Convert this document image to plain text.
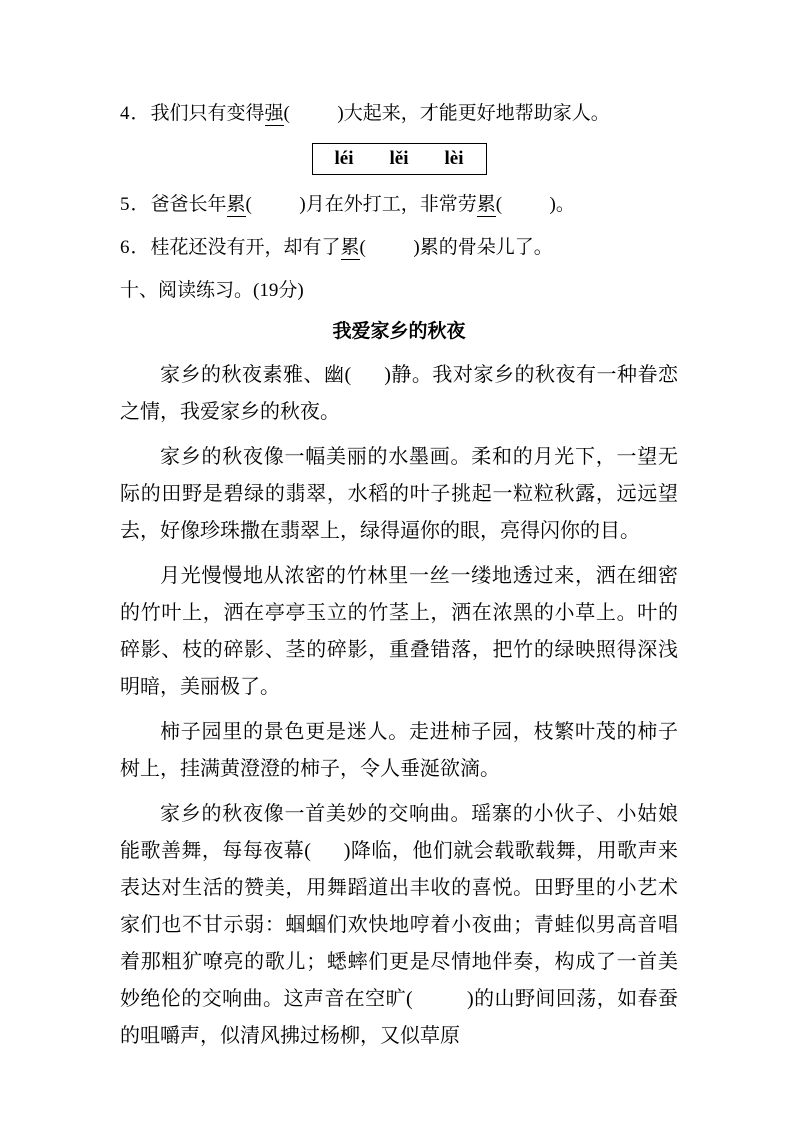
4．我们只有变得强(          )大起来，才能更好地帮助家人。
léi lěi lèi
5．爸爸长年累(          )月在外打工，非常劳累(          )。
6．桂花还没有开，却有了累(          )累的骨朵儿了。
十、阅读练习。(19分)
我爱家乡的秋夜

家乡的秋夜素雅、幽(      )静。我对家乡的秋夜有一种眷恋之情，我爱家乡的秋夜。

家乡的秋夜像一幅美丽的水墨画。柔和的月光下，一望无际的田野是碧绿的翡翠，水稻的叶子挑起一粒粒秋露，远远望去，好像珍珠撒在翡翠上，绿得逼你的眼，亮得闪你的目。

月光慢慢地从浓密的竹林里一丝一缕地透过来，洒在细密的竹叶上，洒在亭亭玉立的竹茎上，洒在浓黑的小草上。叶的碎影、枝的碎影、茎的碎影，重叠错落，把竹的绿映照得深浅明暗，美丽极了。

柿子园里的景色更是迷人。走进柿子园，枝繁叶茂的柿子树上，挂满黄澄澄的柿子，令人垂涎欲滴。

家乡的秋夜像一首美妙的交响曲。瑶寨的小伙子、小姑娘能歌善舞，每每夜幕(      )降临，他们就会载歌载舞，用歌声来表达对生活的赞美，用舞蹈道出丰收的喜悦。田野里的小艺术家们也不甘示弱：蝈蝈们欢快地哼着小夜曲；青蛙似男高音唱着那粗犷嘹亮的歌儿；蟋蟀们更是尽情地伴奏，构成了一首美妙绝伦的交响曲。这声音在空旷(          )的山野间回荡，如春蚕的咀嚼声，似清风拂过杨柳，又似草原
